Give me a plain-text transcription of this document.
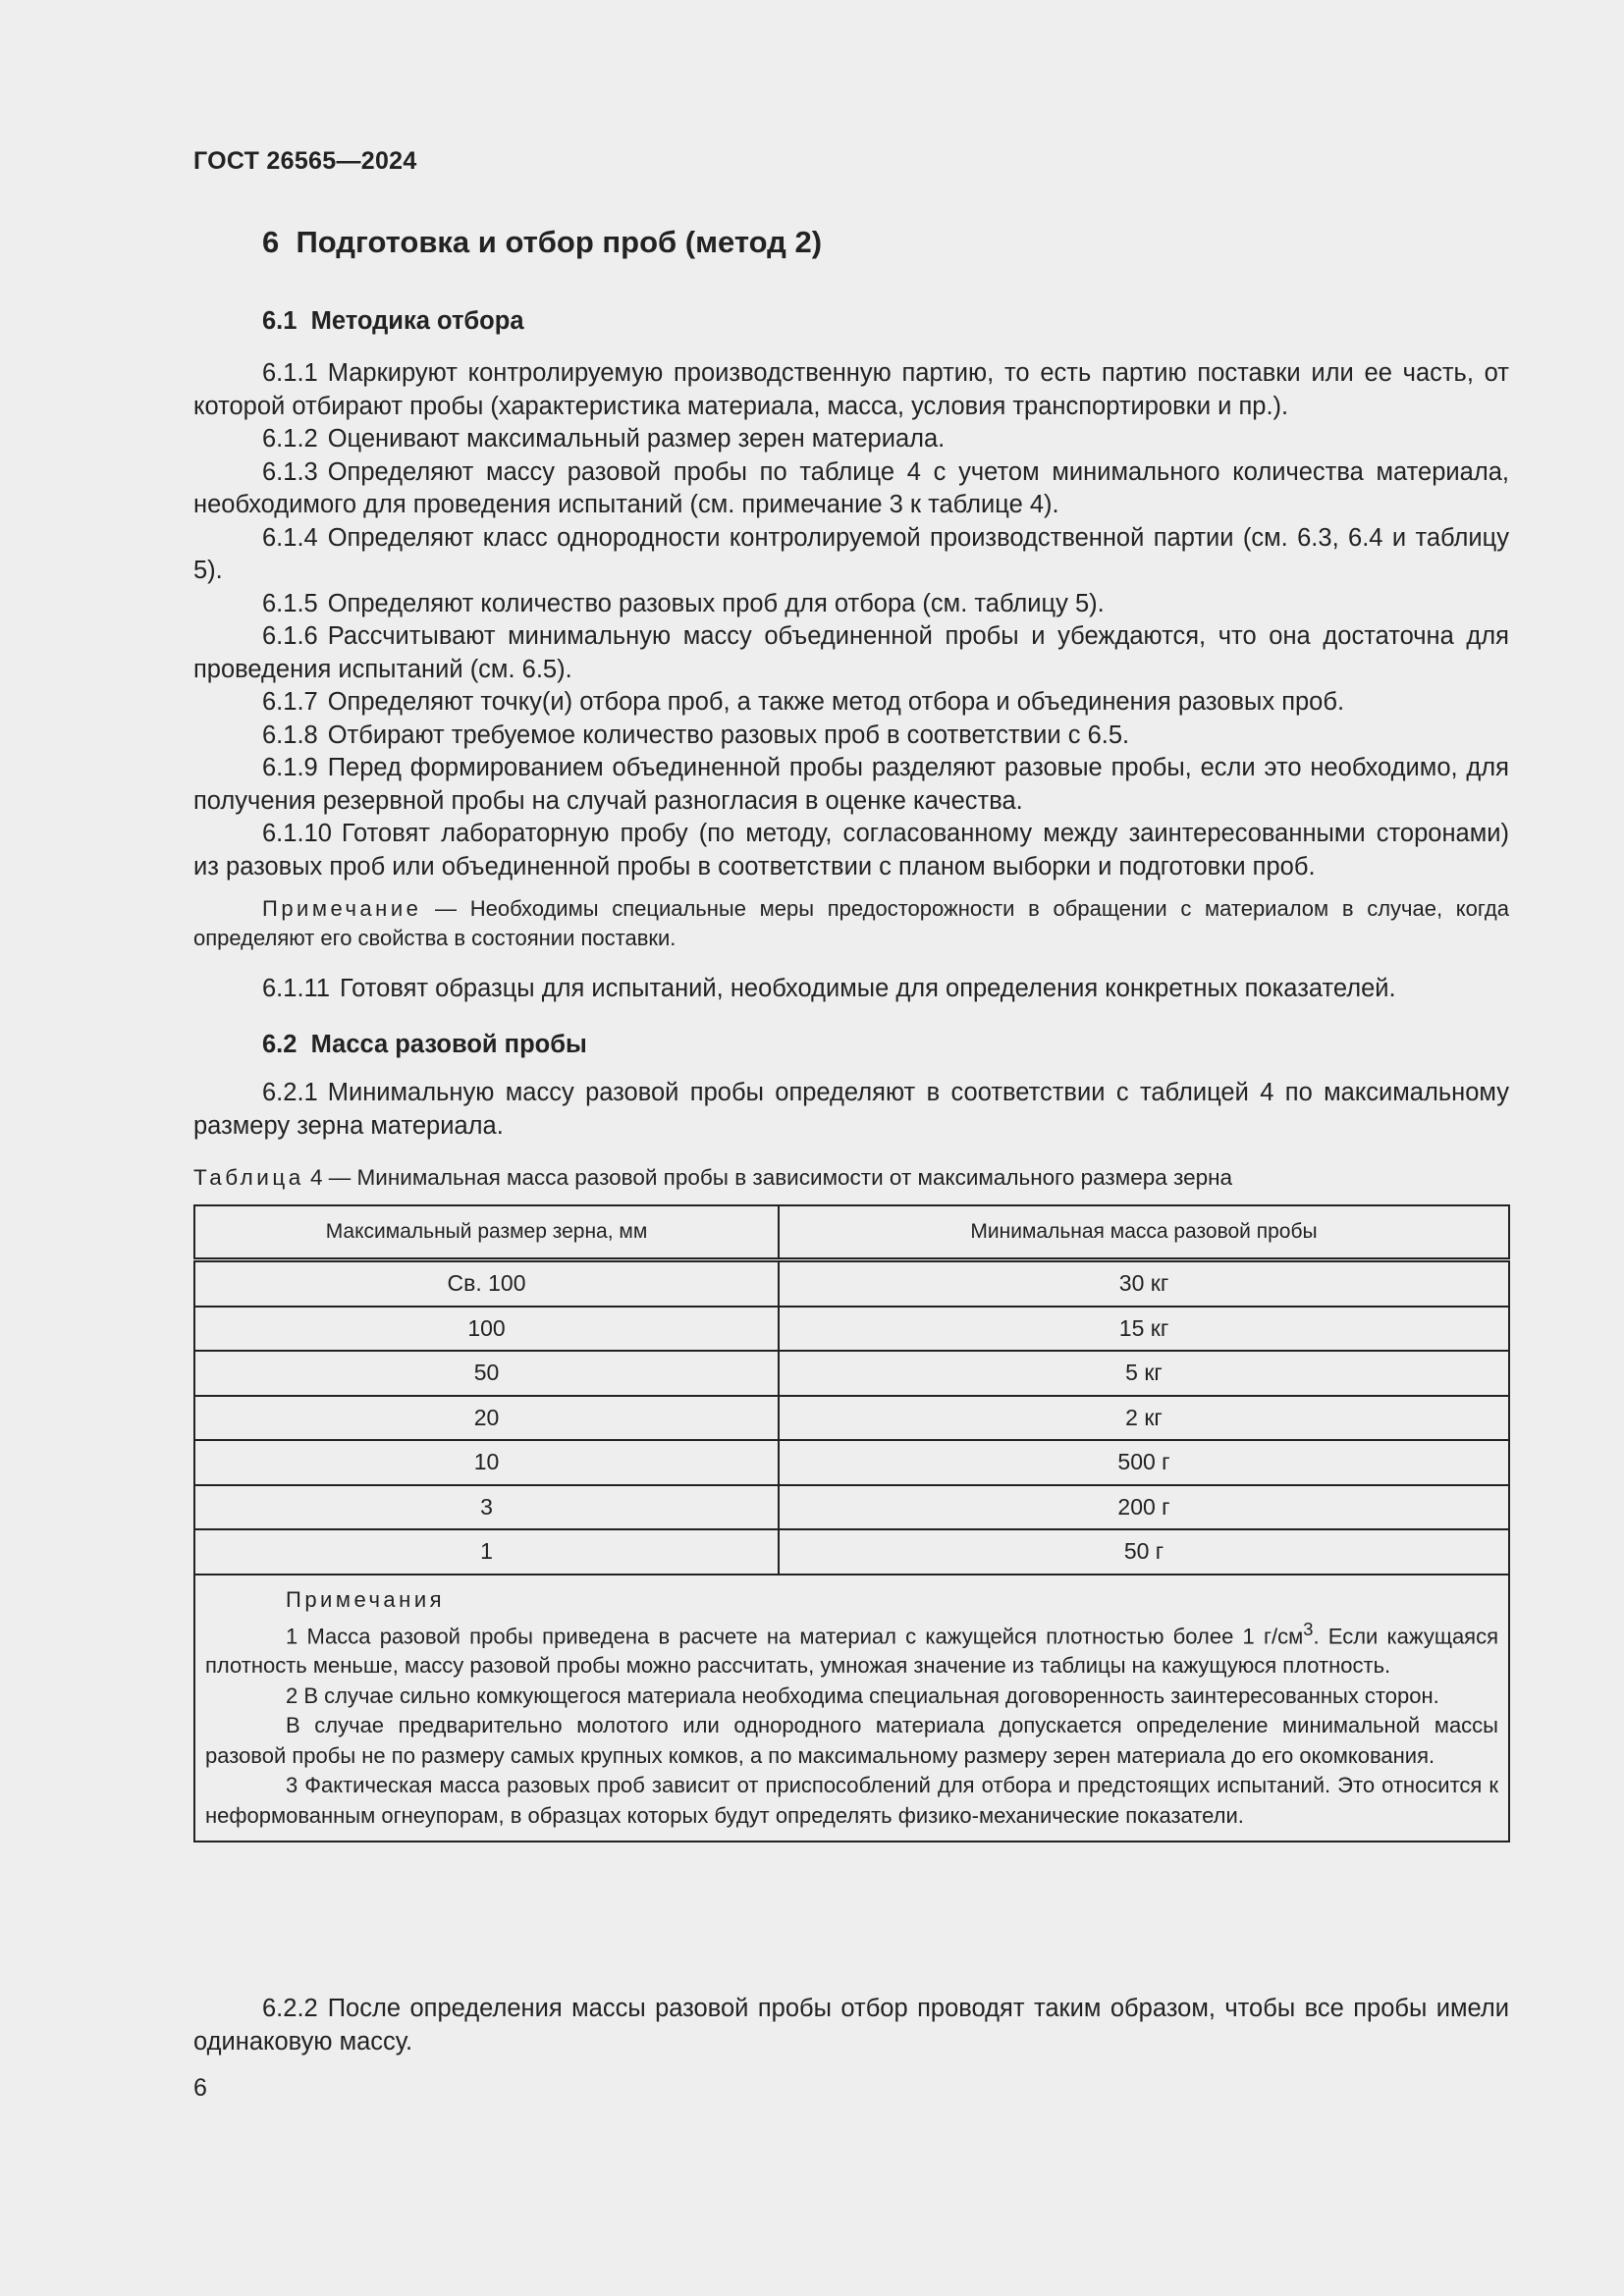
ГОСТ 26565—2024
6 Подготовка и отбор проб (метод 2)
6.1 Методика отбора

6.1.1 Маркируют контролируемую производственную партию, то есть партию поставки или ее часть, от которой отбирают пробы (характеристика материала, масса, условия транспортировки и пр.).

6.1.2 Оценивают максимальный размер зерен материала.

6.1.3 Определяют массу разовой пробы по таблице 4 с учетом минимального количества материала, необходимого для проведения испытаний (см. примечание 3 к таблице 4).

6.1.4 Определяют класс однородности контролируемой производственной партии (см. 6.3, 6.4 и таблицу 5).

6.1.5 Определяют количество разовых проб для отбора (см. таблицу 5).

6.1.6 Рассчитывают минимальную массу объединенной пробы и убеждаются, что она достаточна для проведения испытаний (см. 6.5).

6.1.7 Определяют точку(и) отбора проб, а также метод отбора и объединения разовых проб.

6.1.8 Отбирают требуемое количество разовых проб в соответствии с 6.5.

6.1.9 Перед формированием объединенной пробы разделяют разовые пробы, если это необходимо, для получения резервной пробы на случай разногласия в оценке качества.

6.1.10 Готовят лабораторную пробу (по методу, согласованному между заинтересованными сторонами) из разовых проб или объединенной пробы в соответствии с планом выборки и подготовки проб.

Примечание — Необходимы специальные меры предосторожности в обращении с материалом в случае, когда определяют его свойства в состоянии поставки.

6.1.11 Готовят образцы для испытаний, необходимые для определения конкретных показателей.

6.2 Масса разовой пробы

6.2.1 Минимальную массу разовой пробы определяют в соответствии с таблицей 4 по максимальному размеру зерна материала.

Таблица 4 — Минимальная масса разовой пробы в зависимости от максимального размера зерна

Максимальный размер зерна, мм	Минимальная масса разовой пробы
Св. 100	30 кг
100	15 кг
50	5 кг
20	2 кг
10	500 г
3	200 г
1	50 г

Примечания

1 Масса разовой пробы приведена в расчете на материал с кажущейся плотностью более 1 $г/см^3$. Если кажущаяся плотность меньше, массу разовой пробы можно рассчитать, умножая значение из таблицы на кажущуюся плотность.

2 В случае сильно комкующегося материала необходима специальная договоренность заинтересованных сторон.

В случае предварительно молотого или однородного материала допускается определение минимальной массы разовой пробы не по размеру самых крупных комков, а по максимальному размеру зерен материала до его окомкования.

3 Фактическая масса разовых проб зависит от приспособлений для отбора и предстоящих испытаний. Это относится к неформованным огнеупорам, в образцах которых будут определять физико-механические показатели.	

6.2.2 После определения массы разовой пробы отбор проводят таким образом, чтобы все пробы имели одинаковую массу.

6
